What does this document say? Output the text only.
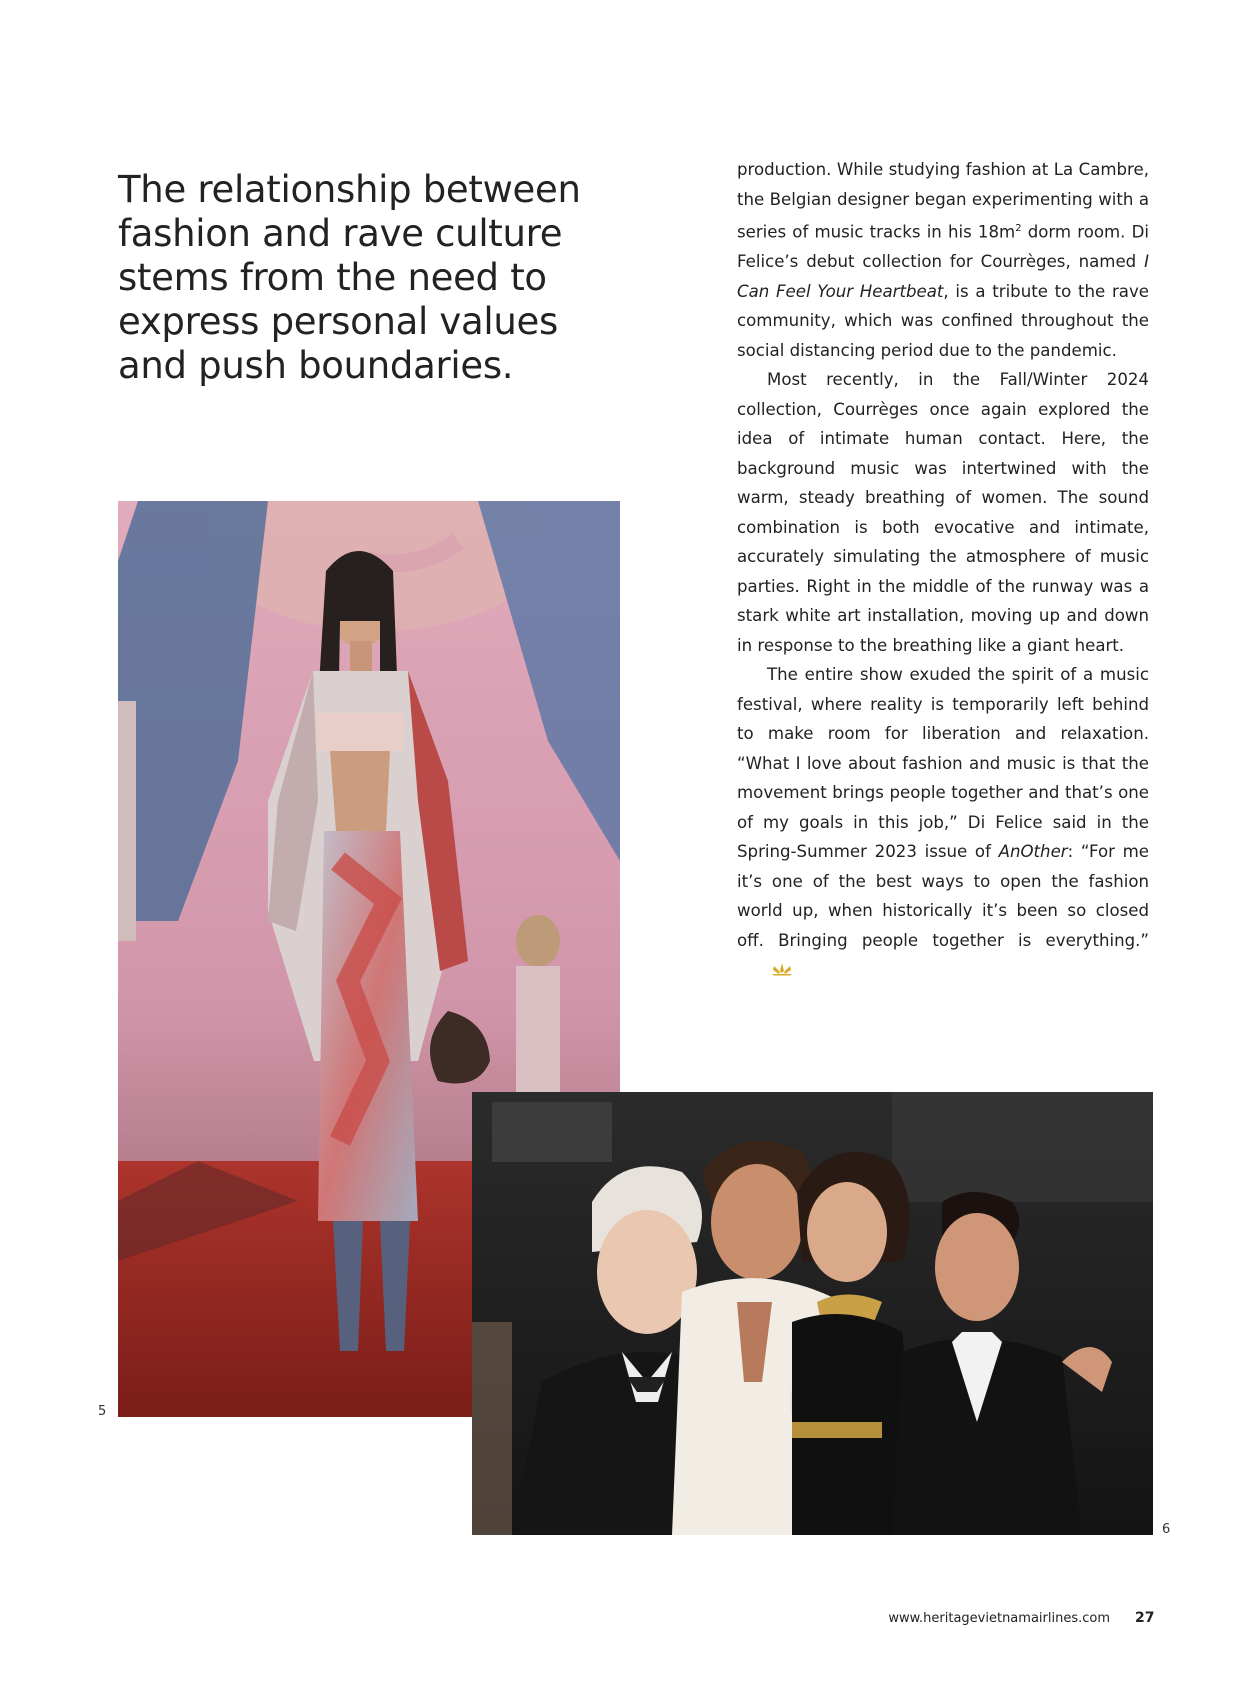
The relationship between fashion and rave culture stems from the need to express personal values and push boundaries.

production. While studying fashion at La Cambre, the Belgian designer began experimenting with a series of music tracks in his $18m^2$ dorm room. Di Felice’s debut collection for Courrèges, named I Can Feel Your Heartbeat, is a tribute to the rave community, which was confined throughout the social distancing period due to the pandemic.

Most recently, in the Fall/Winter 2024 collection, Courrèges once again explored the idea of intimate human contact. Here, the background music was intertwined with the warm, steady breathing of women. The sound combination is both evocative and intimate, accurately simulating the atmosphere of music parties. Right in the middle of the runway was a stark white art installation, moving up and down in response to the breathing like a giant heart.

The entire show exuded the spirit of a music festival, where reality is temporarily left behind to make room for liberation and relaxation. “What I love about fashion and music is that the movement brings people together and that’s one of my goals in this job,” Di Felice said in the Spring-Summer 2023 issue of AnOther: “For me it’s one of the best ways to open the fashion world up, when historically it’s been so closed off. Bringing people together is everything.”

5
6
www.heritagevietnamairlines.com 27
